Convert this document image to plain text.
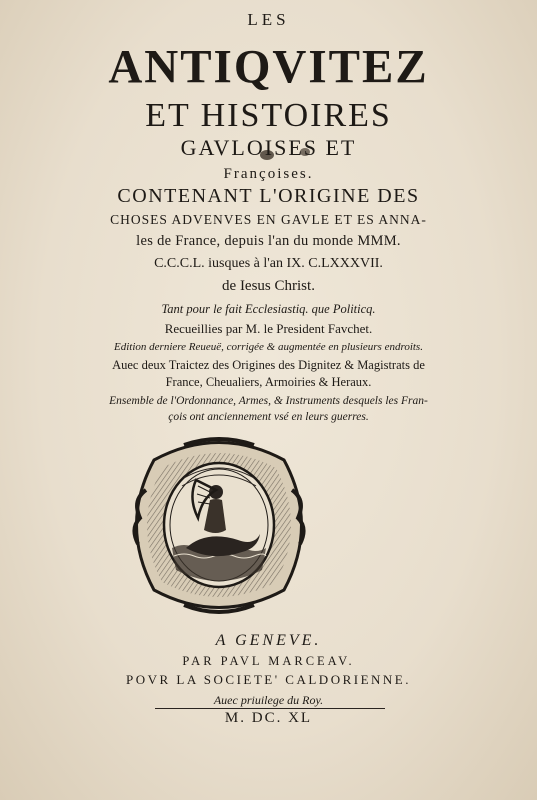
LES
ANTIQVITEZ
ET HISTOIRES
GAVLOISES ET
Françoises.
CONTENANT L'ORIGINE DES
CHOSES ADVENVES EN GAVLE ET ES ANNA-
les de France, depuis l'an du monde MMM.
C.C.C.L. iusques à l'an IX. C.LXXXVII.
de Iesus Christ.
Tant pour le fait Ecclesiastiq. que Politicq.
Recueillies par M. le President Favchet.
Edition derniere Reueuë, corrigée & augmentée en plusieurs endroits.
Auec deux Traictez des Origines des Dignitez & Magistrats de
France, Cheualiers, Armoiries & Heraux.
Ensemble de l'Ordonnance, Armes, & Instruments desquels les Fran-
çois ont anciennement vsé en leurs guerres.
A GENEVE.
PAR PAVL MARCEAV.
POVR LA SOCIETE' CALDORIENNE.
Auec priuilege du Roy.
M. DC. XL
